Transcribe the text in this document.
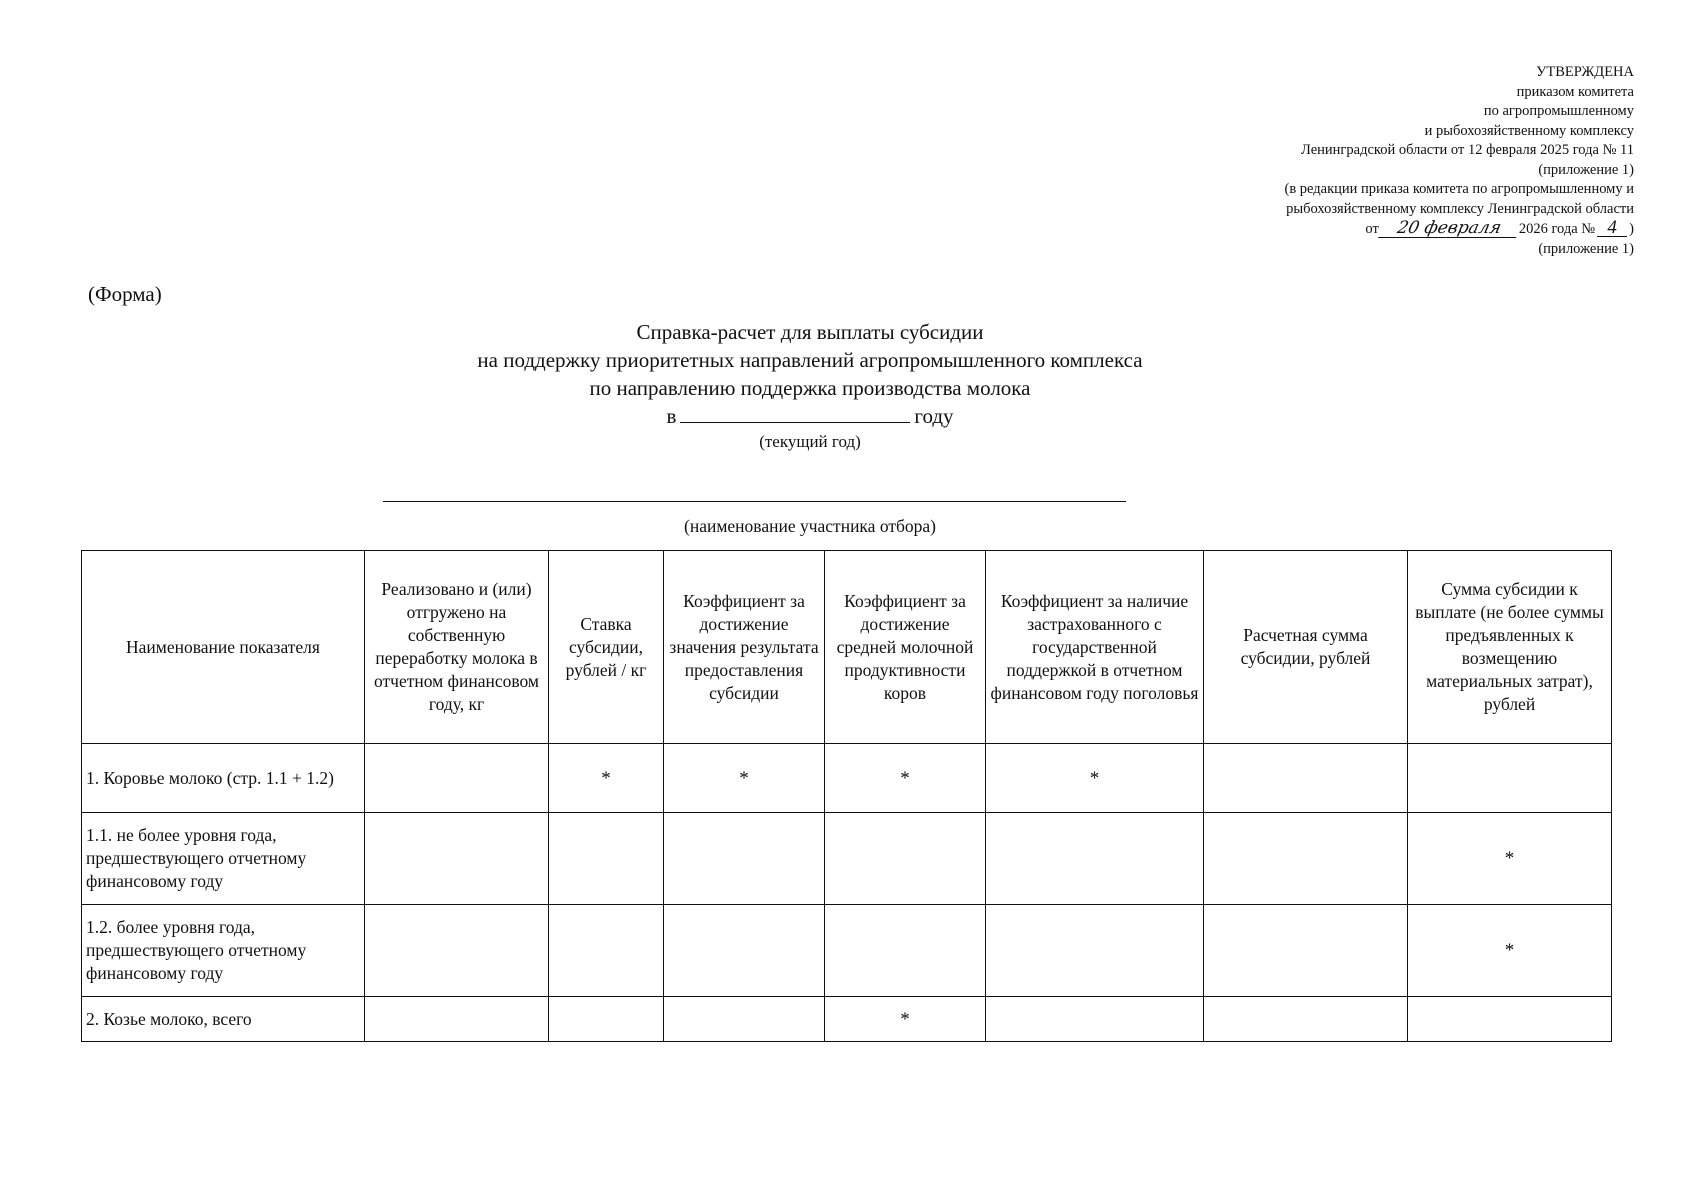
УТВЕРЖДЕНА
приказом комитета
по агропромышленному
и рыбохозяйственному комплексу
Ленинградской области от 12 февраля 2025 года № 11
(приложение 1)
(в редакции приказа комитета по агропромышленному и
рыбохозяйственному комплексу Ленинградской области
от 20 февраля 2026 года № 4 )
(приложение 1)
(Форма)
Справка-расчет для выплаты субсидии
на поддержку приоритетных направлений агропромышленного комплекса
по направлению поддержка производства молока
в	году
(текущий год)
(наименование участника отбора)
Наименование показателя	Реализовано и (или) отгружено на собственную переработку молока в отчетном финансовом году, кг	Ставка субсидии, рублей / кг	Коэффициент за достижение значения результата предоставления субсидии	Коэффициент за достижение средней молочной продуктивности коров	Коэффициент за наличие застрахованного с государственной поддержкой в отчетном финансовом году поголовья	Расчетная сумма субсидии, рублей	Сумма субсидии к выплате (не более суммы предъявленных к возмещению материальных затрат), рублей
1. Коровье молоко (стр. 1.1 + 1.2)		*	*	*	*		
1.1. не более уровня года, предшествующего отчетному финансовому году							*
1.2. более уровня года, предшествующего отчетному финансовому году							*
2. Козье молоко, всего				*			
